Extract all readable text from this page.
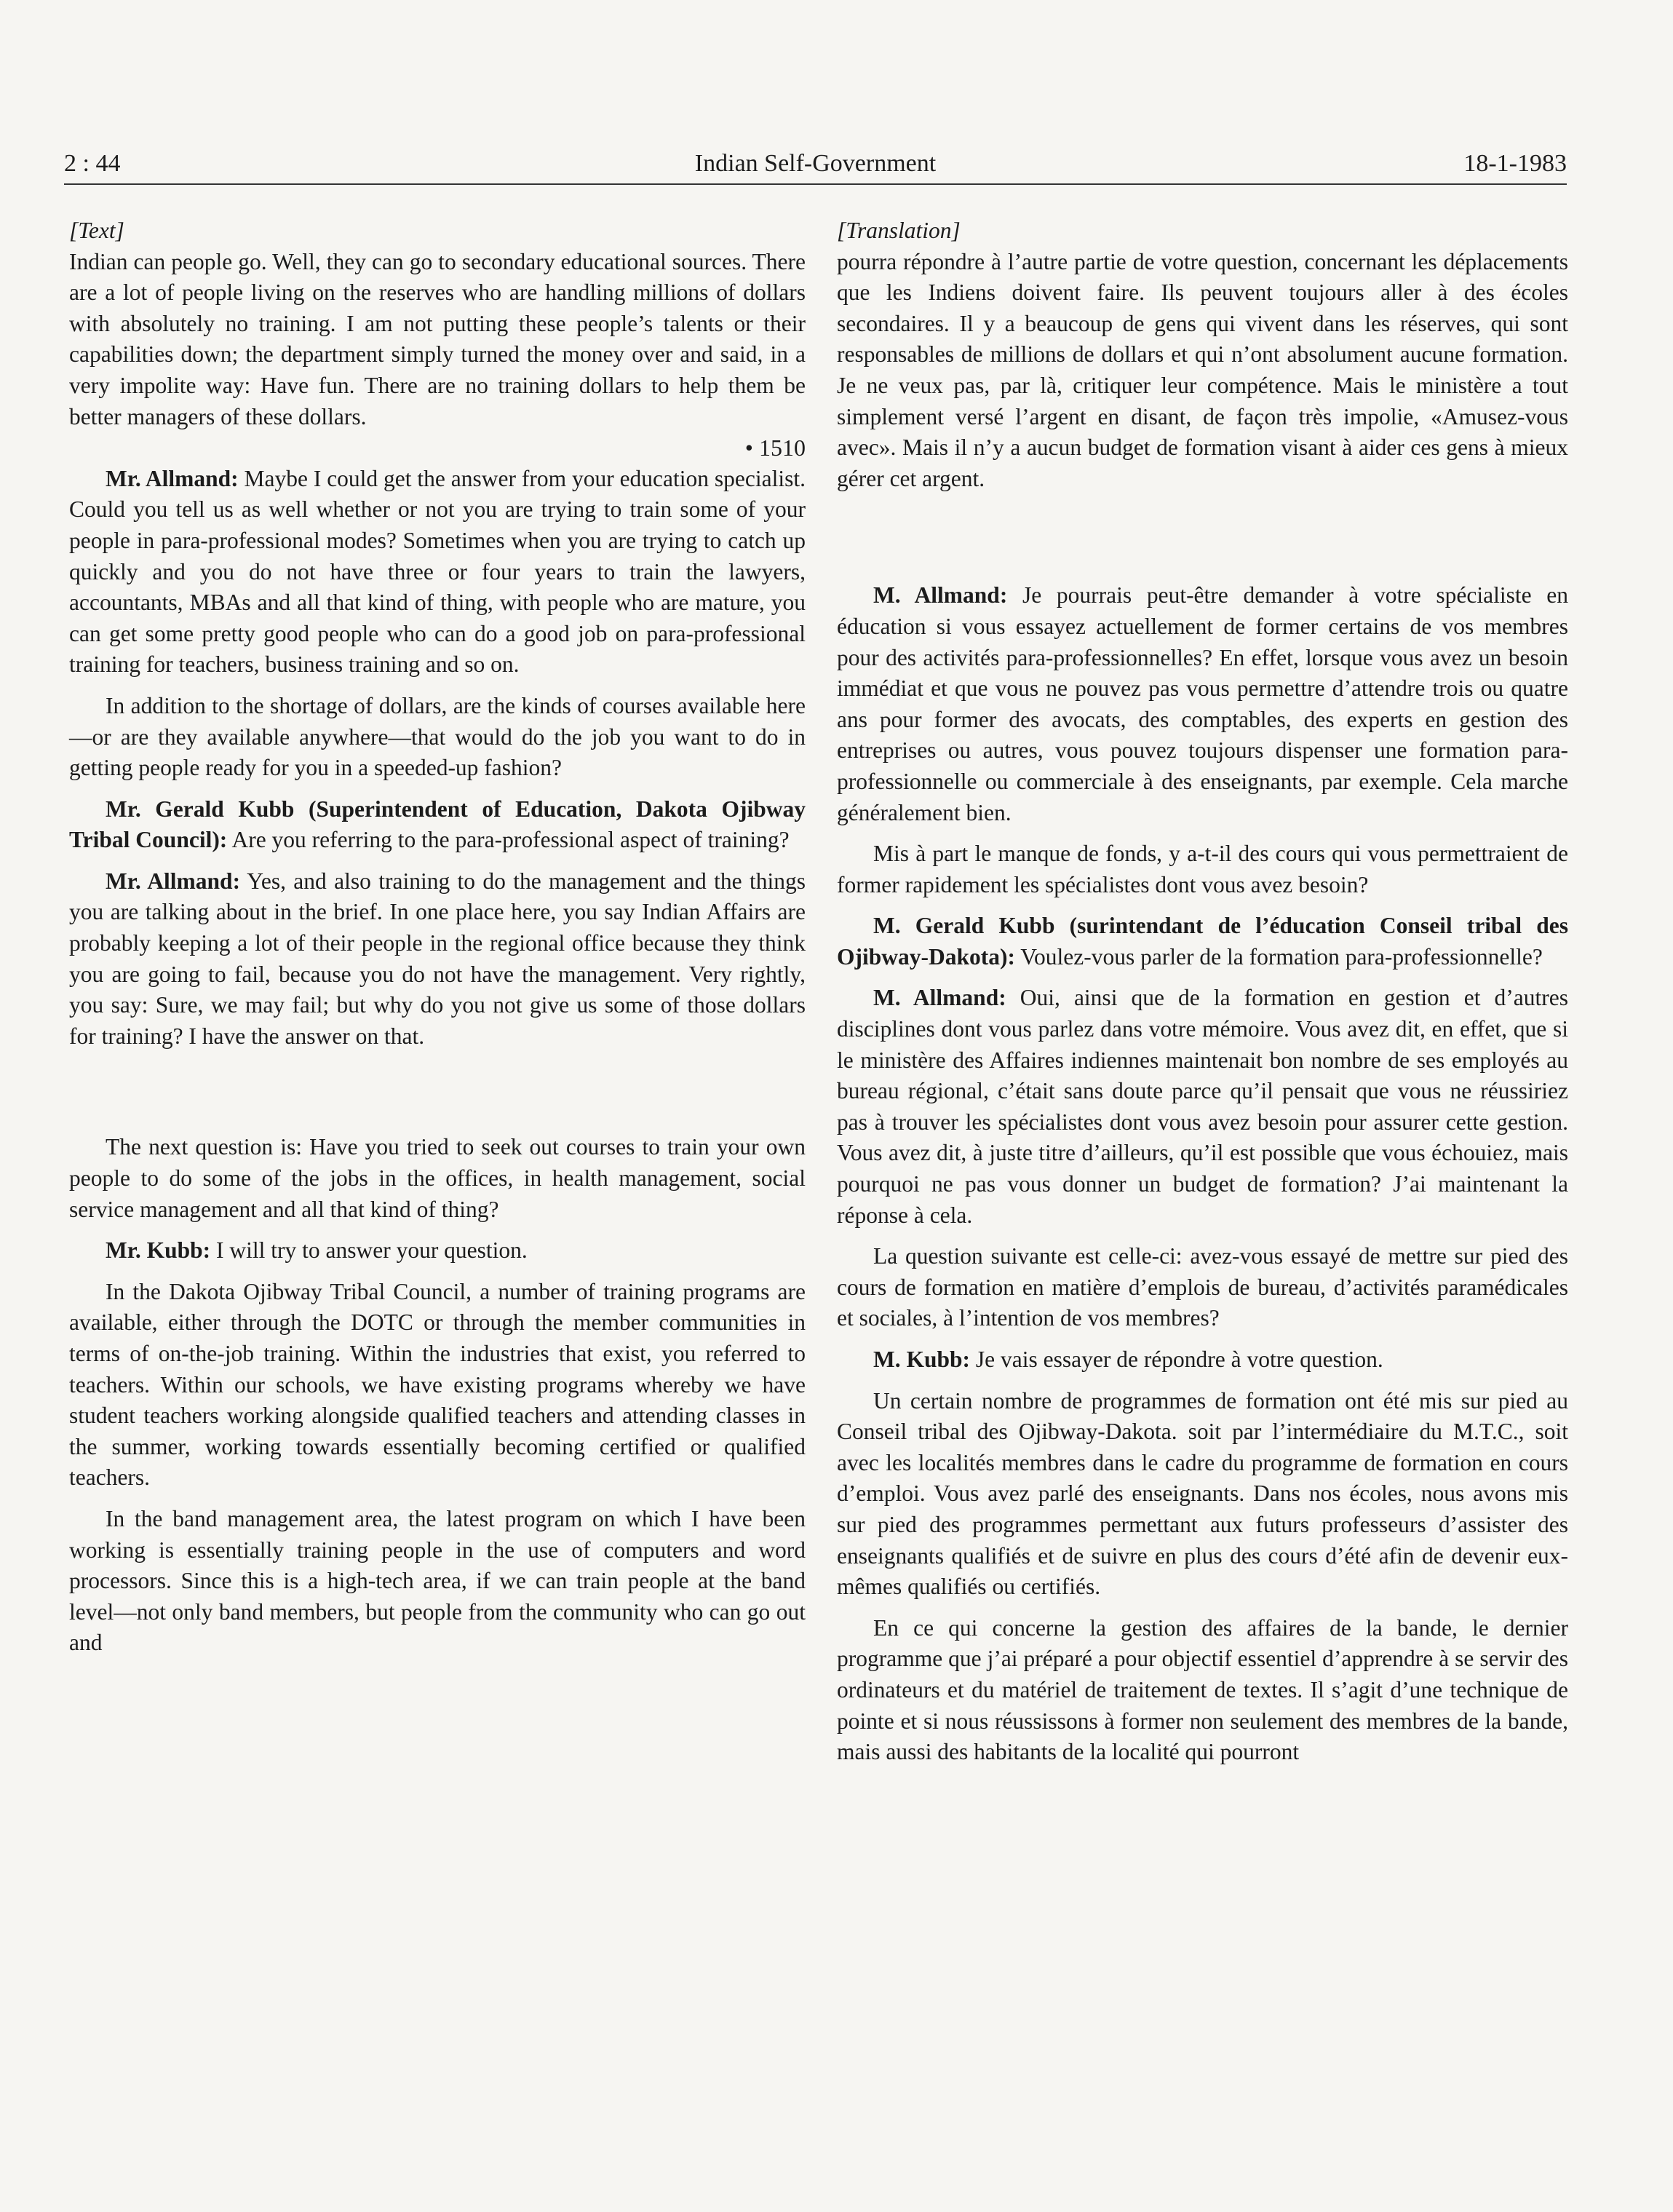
2 : 44	Indian Self-Government	18-1-1983

[Text]

Indian can people go. Well, they can go to secondary educational sources. There are a lot of people living on the reserves who are handling millions of dollars with absolutely no training. I am not putting these people’s talents or their capabilities down; the department simply turned the money over and said, in a very impolite way: Have fun. There are no training dollars to help them be better managers of these dollars.

• 1510

Mr. Allmand: Maybe I could get the answer from your education specialist. Could you tell us as well whether or not you are trying to train some of your people in para-professional modes? Sometimes when you are trying to catch up quickly and you do not have three or four years to train the lawyers, accountants, MBAs and all that kind of thing, with people who are mature, you can get some pretty good people who can do a good job on para-professional training for teachers, business training and so on.

In addition to the shortage of dollars, are the kinds of courses available here—or are they available anywhere—that would do the job you want to do in getting people ready for you in a speeded-up fashion?

Mr. Gerald Kubb (Superintendent of Education, Dakota Ojibway Tribal Council): Are you referring to the para-professional aspect of training?

Mr. Allmand: Yes, and also training to do the management and the things you are talking about in the brief. In one place here, you say Indian Affairs are probably keeping a lot of their people in the regional office because they think you are going to fail, because you do not have the management. Very rightly, you say: Sure, we may fail; but why do you not give us some of those dollars for training? I have the answer on that.

The next question is: Have you tried to seek out courses to train your own people to do some of the jobs in the offices, in health management, social service management and all that kind of thing?

Mr. Kubb: I will try to answer your question.

In the Dakota Ojibway Tribal Council, a number of training programs are available, either through the DOTC or through the member communities in terms of on-the-job training. Within the industries that exist, you referred to teachers. Within our schools, we have existing programs whereby we have student teachers working alongside qualified teachers and attending classes in the summer, working towards essentially becoming certified or qualified teachers.

In the band management area, the latest program on which I have been working is essentially training people in the use of computers and word processors. Since this is a high-tech area, if we can train people at the band level—not only band members, but people from the community who can go out and

[Translation]

pourra répondre à l’autre partie de votre question, concernant les déplacements que les Indiens doivent faire. Ils peuvent toujours aller à des écoles secondaires. Il y a beaucoup de gens qui vivent dans les réserves, qui sont responsables de millions de dollars et qui n’ont absolument aucune formation. Je ne veux pas, par là, critiquer leur compétence. Mais le ministère a tout simplement versé l’argent en disant, de façon très impolie, «Amusez-vous avec». Mais il n’y a aucun budget de formation visant à aider ces gens à mieux gérer cet argent.

M. Allmand: Je pourrais peut-être demander à votre spécialiste en éducation si vous essayez actuellement de former certains de vos membres pour des activités para-professionnelles? En effet, lorsque vous avez un besoin immédiat et que vous ne pouvez pas vous permettre d’attendre trois ou quatre ans pour former des avocats, des comptables, des experts en gestion des entreprises ou autres, vous pouvez toujours dispenser une formation para-professionnelle ou commerciale à des enseignants, par exemple. Cela marche généralement bien.

Mis à part le manque de fonds, y a-t-il des cours qui vous permettraient de former rapidement les spécialistes dont vous avez besoin?

M. Gerald Kubb (surintendant de l’éducation Conseil tribal des Ojibway-Dakota): Voulez-vous parler de la formation para-professionnelle?

M. Allmand: Oui, ainsi que de la formation en gestion et d’autres disciplines dont vous parlez dans votre mémoire. Vous avez dit, en effet, que si le ministère des Affaires indiennes maintenait bon nombre de ses employés au bureau régional, c’était sans doute parce qu’il pensait que vous ne réussiriez pas à trouver les spécialistes dont vous avez besoin pour assurer cette gestion. Vous avez dit, à juste titre d’ailleurs, qu’il est possible que vous échouiez, mais pourquoi ne pas vous donner un budget de formation? J’ai maintenant la réponse à cela.

La question suivante est celle-ci: avez-vous essayé de mettre sur pied des cours de formation en matière d’emplois de bureau, d’activités paramédicales et sociales, à l’intention de vos membres?

M. Kubb: Je vais essayer de répondre à votre question.

Un certain nombre de programmes de formation ont été mis sur pied au Conseil tribal des Ojibway-Dakota. soit par l’intermédiaire du M.T.C., soit avec les localités membres dans le cadre du programme de formation en cours d’emploi. Vous avez parlé des enseignants. Dans nos écoles, nous avons mis sur pied des programmes permettant aux futurs professeurs d’assister des enseignants qualifiés et de suivre en plus des cours d’été afin de devenir eux-mêmes qualifiés ou certifiés.

En ce qui concerne la gestion des affaires de la bande, le dernier programme que j’ai préparé a pour objectif essentiel d’apprendre à se servir des ordinateurs et du matériel de traitement de textes. Il s’agit d’une technique de pointe et si nous réussissons à former non seulement des membres de la bande, mais aussi des habitants de la localité qui pourront
